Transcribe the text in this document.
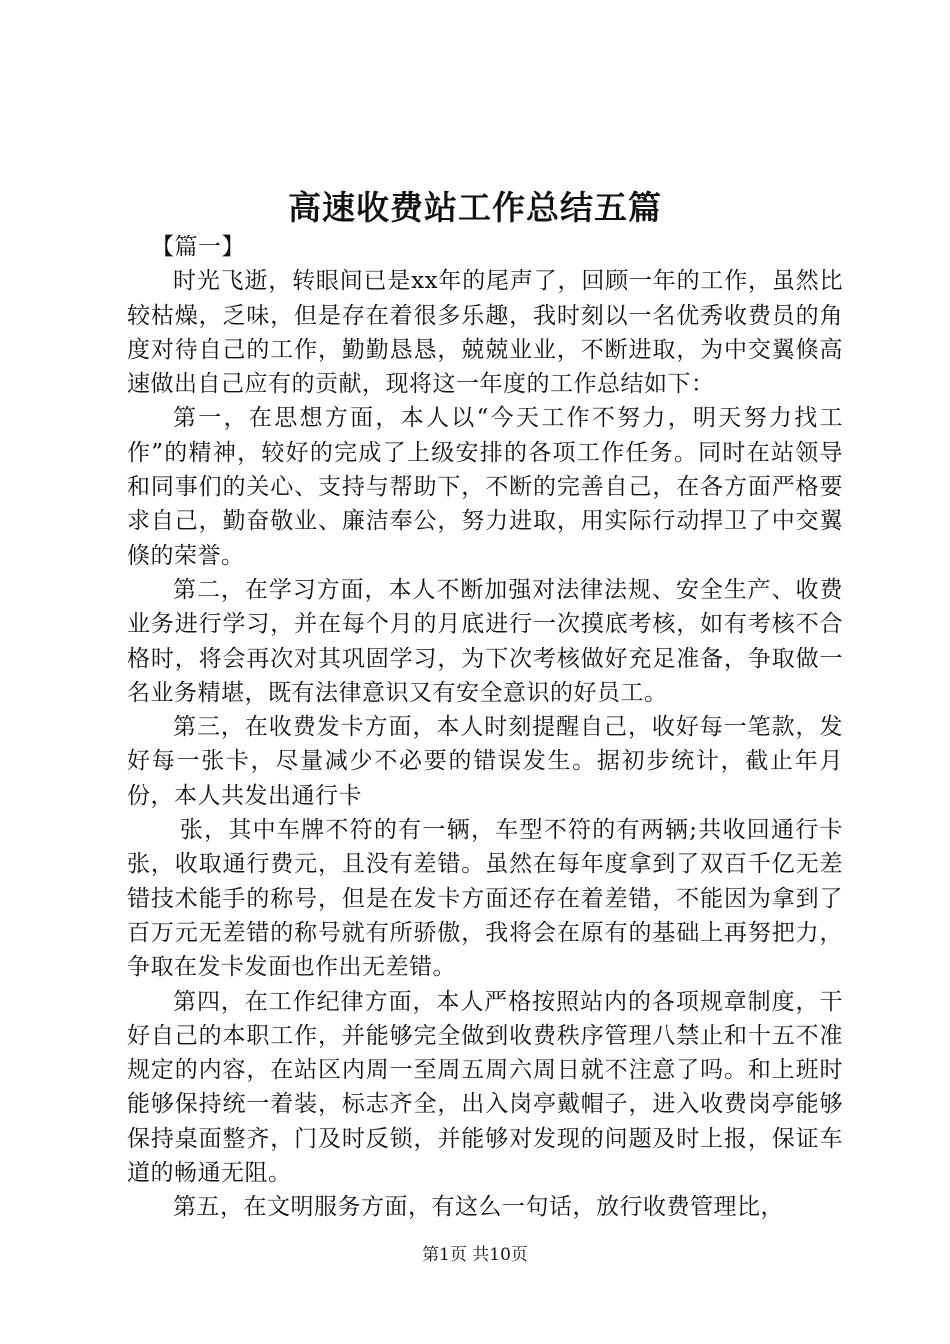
高速收费站工作总结五篇

【篇一】

时光飞逝，转眼间已是xx年的尾声了，回顾一年的工作，虽然比较枯燥，乏味，但是存在着很多乐趣，我时刻以一名优秀收费员的角度对待自己的工作，勤勤恳恳，兢兢业业，不断进取，为中交翼倏高速做出自己应有的贡献，现将这一年度的工作总结如下：

第一，在思想方面，本人以“今天工作不努力，明天努力找工作”的精神，较好的完成了上级安排的各项工作任务。同时在站领导和同事们的关心、支持与帮助下，不断的完善自己，在各方面严格要求自己，勤奋敬业、廉洁奉公，努力进取，用实际行动捍卫了中交翼倏的荣誉。

第二，在学习方面，本人不断加强对法律法规、安全生产、收费业务进行学习，并在每个月的月底进行一次摸底考核，如有考核不合格时，将会再次对其巩固学习，为下次考核做好充足准备，争取做一名业务精堪，既有法律意识又有安全意识的好员工。

第三，在收费发卡方面，本人时刻提醒自己，收好每一笔款，发好每一张卡，尽量减少不必要的错误发生。据初步统计，截止年月份，本人共发出通行卡

张，其中车牌不符的有一辆，车型不符的有两辆;共收回通行卡张，收取通行费元，且没有差错。虽然在每年度拿到了双百千亿无差错技术能手的称号，但是在发卡方面还存在着差错，不能因为拿到了百万元无差错的称号就有所骄傲，我将会在原有的基础上再努把力，争取在发卡发面也作出无差错。

第四，在工作纪律方面，本人严格按照站内的各项规章制度，干好自己的本职工作，并能够完全做到收费秩序管理八禁止和十五不准规定的内容，在站区内周一至周五周六周日就不注意了吗。和上班时能够保持统一着装，标志齐全，出入岗亭戴帽子，进入收费岗亭能够保持桌面整齐，门及时反锁，并能够对发现的问题及时上报，保证车道的畅通无阻。

第五，在文明服务方面，有这么一句话，放行收费管理比，

第1页 共10页
